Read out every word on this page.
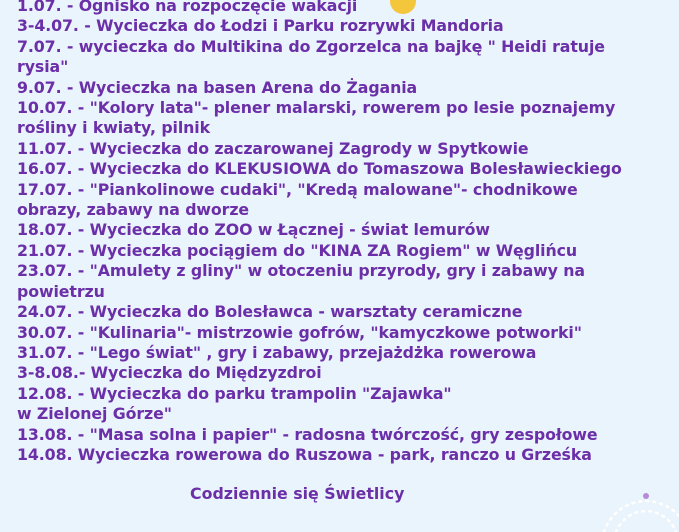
1.07. - Ognisko na rozpoczęcie wakacji
3-4.07. - Wycieczka do Łodzi i Parku rozrywki Mandoria
7.07. - wycieczka do Multikina do Zgorzelca na bajkę " Heidi ratuje
rysia"
9.07. - Wycieczka na basen Arena do Żagania
10.07. - "Kolory lata"- plener malarski, rowerem po lesie poznajemy
rośliny i kwiaty, pilnik
11.07. - Wycieczka do zaczarowanej Zagrody w Spytkowie
16.07. - Wycieczka do KLEKUSIOWA do Tomaszowa Bolesławieckiego
17.07. - "Piankolinowe cudaki", "Kredą malowane"- chodnikowe
obrazy, zabawy na dworze
18.07. - Wycieczka do ZOO w Łącznej - świat lemurów
21.07. - Wycieczka pociągiem do "KINA ZA Rogiem" w Węglińcu
23.07. - "Amulety z gliny" w otoczeniu przyrody, gry i zabawy na
powietrzu
24.07. - Wycieczka do Bolesławca - warsztaty ceramiczne
30.07. - "Kulinaria"- mistrzowie gofrów, "kamyczkowe potworki"
31.07. - "Lego świat" , gry i zabawy, przejażdżka rowerowa
3-8.08.- Wycieczka do Międzyzdroi
12.08. - Wycieczka do parku trampolin "Zajawka"
w Zielonej Górze"
13.08. - "Masa solna i papier" - radosna twórczość, gry zespołowe
14.08. Wycieczka rowerowa do Ruszowa - park, ranczo u Grześka
Codziennie się Świetlicy
